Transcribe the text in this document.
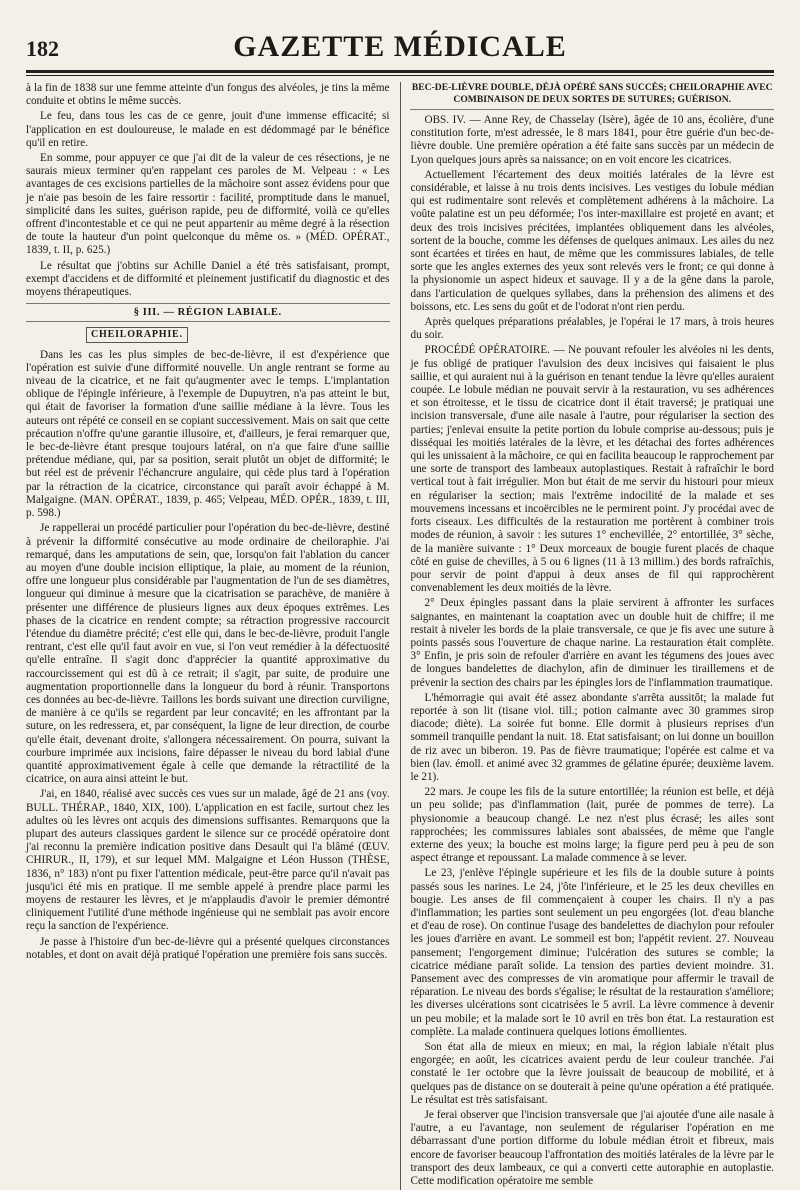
182	GAZETTE MÉDICALE

à la fin de 1838 sur une femme atteinte d'un fongus des alvéoles, je tins la même conduite et obtins le même succès.

Le feu, dans tous les cas de ce genre, jouit d'une immense efficacité; si l'application en est douloureuse, le malade en est dédommagé par le bénéfice qu'il en retire.

En somme, pour appuyer ce que j'ai dit de la valeur de ces résections, je ne saurais mieux terminer qu'en rappelant ces paroles de M. Velpeau : « Les avantages de ces excisions partielles de la mâchoire sont assez évidens pour que je n'aie pas besoin de les faire ressortir : facilité, promptitude dans le manuel, simplicité dans les suites, guérison rapide, peu de difformité, voilà ce qu'elles offrent d'incontestable et ce qui ne peut appartenir au même degré à la résection de toute la hauteur d'un point quelconque du même os. » (MÉD. OPÉRAT., 1839, t. II, p. 625.)

Le résultat que j'obtins sur Achille Daniel a été très satisfaisant, prompt, exempt d'accidens et de difformité et pleinement justificatif du diagnostic et des moyens thérapeutiques.

§ III. — RÉGION LABIALE.
CHEILORAPHIE.

Dans les cas les plus simples de bec-de-lièvre, il est d'expérience que l'opération est suivie d'une difformité nouvelle. Un angle rentrant se forme au niveau de la cicatrice, et ne fait qu'augmenter avec le temps. L'implantation oblique de l'épingle inférieure, à l'exemple de Dupuytren, n'a pas atteint le but, qui était de favoriser la formation d'une saillie médiane à la lèvre. Tous les auteurs ont répété ce conseil en se copiant successivement. Mais on sait que cette précaution n'offre qu'une garantie illusoire, et, d'ailleurs, je ferai remarquer que, le bec-de-lièvre étant presque toujours latéral, on n'a que faire d'une saillie prétendue médiane, qui, par sa position, serait plutôt un objet de difformité; le but réel est de prévenir l'échancrure angulaire, qui cède plus tard à l'opération par la rétraction de la cicatrice, circonstance qui paraît avoir échappé à M. Malgaigne. (MAN. OPÉRAT., 1839, p. 465; Velpeau, MÉD. OPÉR., 1839, t. III, p. 598.)

Je rappellerai un procédé particulier pour l'opération du bec-de-lièvre, destiné à prévenir la difformité consécutive au mode ordinaire de cheiloraphie. J'ai remarqué, dans les amputations de sein, que, lorsqu'on fait l'ablation du cancer au moyen d'une double incision elliptique, la plaie, au moment de la réunion, offre une longueur plus considérable par l'augmentation de l'un de ses diamètres, longueur qui diminue à mesure que la cicatrisation se parachève, de manière à présenter une différence de plusieurs lignes aux deux époques extrêmes. Les phases de la cicatrice en rendent compte; sa rétraction progressive raccourcit l'étendue du diamètre précité; c'est elle qui, dans le bec-de-lièvre, produit l'angle rentrant, c'est elle qu'il faut avoir en vue, si l'on veut remédier à la défectuosité qu'elle entraîne. Il s'agit donc d'apprécier la quantité approximative du raccourcissement qui est dû à ce retrait; il s'agit, par suite, de produire une augmentation proportionnelle dans la longueur du bord à réunir. Transportons ces données au bec-de-lièvre. Taillons les bords suivant une direction curviligne, de manière à ce qu'ils se regardent par leur concavité; en les affrontant par la suture, on les redressera, et, par conséquent, la ligne de leur direction, de courbe qu'elle était, devenant droite, s'allongera nécessairement. On pourra, suivant la courbure imprimée aux incisions, faire dépasser le niveau du bord labial d'une quantité approximativement égale à celle que demande la rétractilité de la cicatrice, on aura ainsi atteint le but.

J'ai, en 1840, réalisé avec succès ces vues sur un malade, âgé de 21 ans (voy. BULL. THÉRAP., 1840, XIX, 100). L'application en est facile, surtout chez les adultes où les lèvres ont acquis des dimensions suffisantes. Remarquons que la plupart des auteurs classiques gardent le silence sur ce procédé opératoire dont j'ai reconnu la première indication positive dans Desault qui l'a blâmé (ŒUV. CHIRUR., II, 179), et sur lequel MM. Malgaigne et Léon Husson (THÈSE, 1836, n° 183) n'ont pu fixer l'attention médicale, peut-être parce qu'il n'avait pas jusqu'ici été mis en pratique. Il me semble appelé à prendre place parmi les moyens de restaurer les lèvres, et je m'applaudis d'avoir le premier démontré cliniquement l'utilité d'une méthode ingénieuse qui ne semblait pas avoir encore reçu la sanction de l'expérience.

Je passe à l'histoire d'un bec-de-lièvre qui a présenté quelques circonstances notables, et dont on avait déjà pratiqué l'opération une première fois sans succès.

BEC-DE-LIÈVRE DOUBLE, DÉJÀ OPÉRÉ SANS SUCCÈS; CHEILORAPHIE AVEC COMBINAISON DE DEUX SORTES DE SUTURES; GUÉRISON.

OBS. IV. — Anne Rey, de Chasselay (Isère), âgée de 10 ans, écolière, d'une constitution forte, m'est adressée, le 8 mars 1841, pour être guérie d'un bec-de-lièvre double. Une première opération a été faite sans succès par un médecin de Lyon quelques jours après sa naissance; on en voit encore les cicatrices.

Actuellement l'écartement des deux moitiés latérales de la lèvre est considérable, et laisse à nu trois dents incisives. Les vestiges du lobule médian qui est rudimentaire sont relevés et complètement adhérens à la mâchoire. La voûte palatine est un peu déformée; l'os inter-maxillaire est projeté en avant; et deux des trois incisives précitées, implantées obliquement dans les alvéoles, sortent de la bouche, comme les défenses de quelques animaux. Les ailes du nez sont écartées et tirées en haut, de même que les commissures labiales, de telle sorte que les angles externes des yeux sont relevés vers le front; ce qui donne à la physionomie un aspect hideux et sauvage. Il y a de la gêne dans la parole, dans l'articulation de quelques syllabes, dans la préhension des alimens et des boissons, etc. Les sens du goût et de l'odorat n'ont rien perdu.

Après quelques préparations préalables, je l'opérai le 17 mars, à trois heures du soir.

PROCÉDÉ OPÉRATOIRE. — Ne pouvant refouler les alvéoles ni les dents, je fus obligé de pratiquer l'avulsion des deux incisives qui faisaient le plus saillie, et qui auraient nui à la guérison en tenant tendue la lèvre qu'elles auraient coupée. Le lobule médian ne pouvait servir à la restauration, vu ses adhérences et son étroitesse, et le tissu de cicatrice dont il était traversé; je pratiquai une incision transversale, d'une aile nasale à l'autre, pour régulariser la section des parties; j'enlevai ensuite la petite portion du lobule comprise au-dessous; puis je disséquai les moitiés latérales de la lèvre, et les détachai des fortes adhérences qui les unissaient à la mâchoire, ce qui en facilita beaucoup le rapprochement par une sorte de transport des lambeaux autoplastiques. Restait à rafraîchir le bord vertical tout à fait irrégulier. Mon but était de me servir du histouri pour mieux en régulariser la section; mais l'extrême indocilité de la malade et ses mouvemens incessans et incoërcibles ne le permirent point. J'y procédai avec de forts ciseaux. Les difficultés de la restauration me portèrent à combiner trois modes de réunion, à savoir : les sutures 1° enchevillée, 2° entortillée, 3° sèche, de la manière suivante : 1° Deux morceaux de bougie furent placés de chaque côté en guise de chevilles, à 5 ou 6 lignes (11 à 13 millim.) des bords rafraîchis, pour servir de point d'appui à deux anses de fil qui rapprochèrent convenablement les deux moitiés de la lèvre.

2° Deux épingles passant dans la plaie servirent à affronter les surfaces saignantes, en maintenant la coaptation avec un double huit de chiffre; il me restait à niveler les bords de la plaie transversale, ce que je fis avec une suture à points passés sous l'ouverture de chaque narine. La restauration était complète. 3° Enfin, je pris soin de refouler d'arrière en avant les tégumens des joues avec de longues bandelettes de diachylon, afin de diminuer les tiraillemens et de prévenir la section des chairs par les épingles lors de l'inflammation traumatique.

L'hémorragie qui avait été assez abondante s'arrêta aussitôt; la malade fut reportée à son lit (tisane viol. till.; potion calmante avec 30 grammes sirop diacode; diète). La soirée fut bonne. Elle dormit à plusieurs reprises d'un sommeil tranquille pendant la nuit. 18. Etat satisfaisant; on lui donne un bouillon de riz avec un biberon. 19. Pas de fièvre traumatique; l'opérée est calme et va bien (lav. émoll. et animé avec 32 grammes de gélatine épurée; deuxième lavem. le 21).

22 mars. Je coupe les fils de la suture entortillée; la réunion est belle, et déjà un peu solide; pas d'inflammation (lait, purée de pommes de terre). La physionomie a beaucoup changé. Le nez n'est plus écrasé; les ailes sont rapprochées; les commissures labiales sont abaissées, de même que l'angle externe des yeux; la bouche est moins large; la figure perd peu à peu de son aspect étrange et repoussant. La malade commence à se lever.

Le 23, j'enlève l'épingle supérieure et les fils de la double suture à points passés sous les narines. Le 24, j'ôte l'inférieure, et le 25 les deux chevilles en bougie. Les anses de fil commençaient à couper les chairs. Il n'y a pas d'inflammation; les parties sont seulement un peu engorgées (lot. d'eau blanche et d'eau de rose). On continue l'usage des bandelettes de diachylon pour refouler les joues d'arrière en avant. Le sommeil est bon; l'appétit revient. 27. Nouveau pansement; l'engorgement diminue; l'ulcération des sutures se comble; la cicatrice médiane paraît solide. La tension des parties devient moindre. 31. Pansement avec des compresses de vin aromatique pour affermir le travail de réparation. Le niveau des bords s'égalise; le résultat de la restauration s'améliore; les diverses ulcérations sont cicatrisées le 5 avril. La lèvre commence à devenir un peu mobile; et la malade sort le 10 avril en très bon état. La restauration est complète. La malade continuera quelques lotions émollientes.

Son état alla de mieux en mieux; en mai, la région labiale n'était plus engorgée; en août, les cicatrices avaient perdu de leur couleur tranchée. J'ai constaté le 1er octobre que la lèvre jouissait de beaucoup de mobilité, et à quelques pas de distance on se douterait à peine qu'une opération a été pratiquée. Le résultat est très satisfaisant.

Je ferai observer que l'incision transversale que j'ai ajoutée d'une aile nasale à l'autre, a eu l'avantage, non seulement de régulariser l'opération en me débarrassant d'une portion difforme du lobule médian étroit et fibreux, mais encore de favoriser beaucoup l'affrontation des moitiés latérales de la lèvre par le transport des deux lambeaux, ce qui a converti cette autoraphie en autoplastie. Cette modification opératoire me semble
